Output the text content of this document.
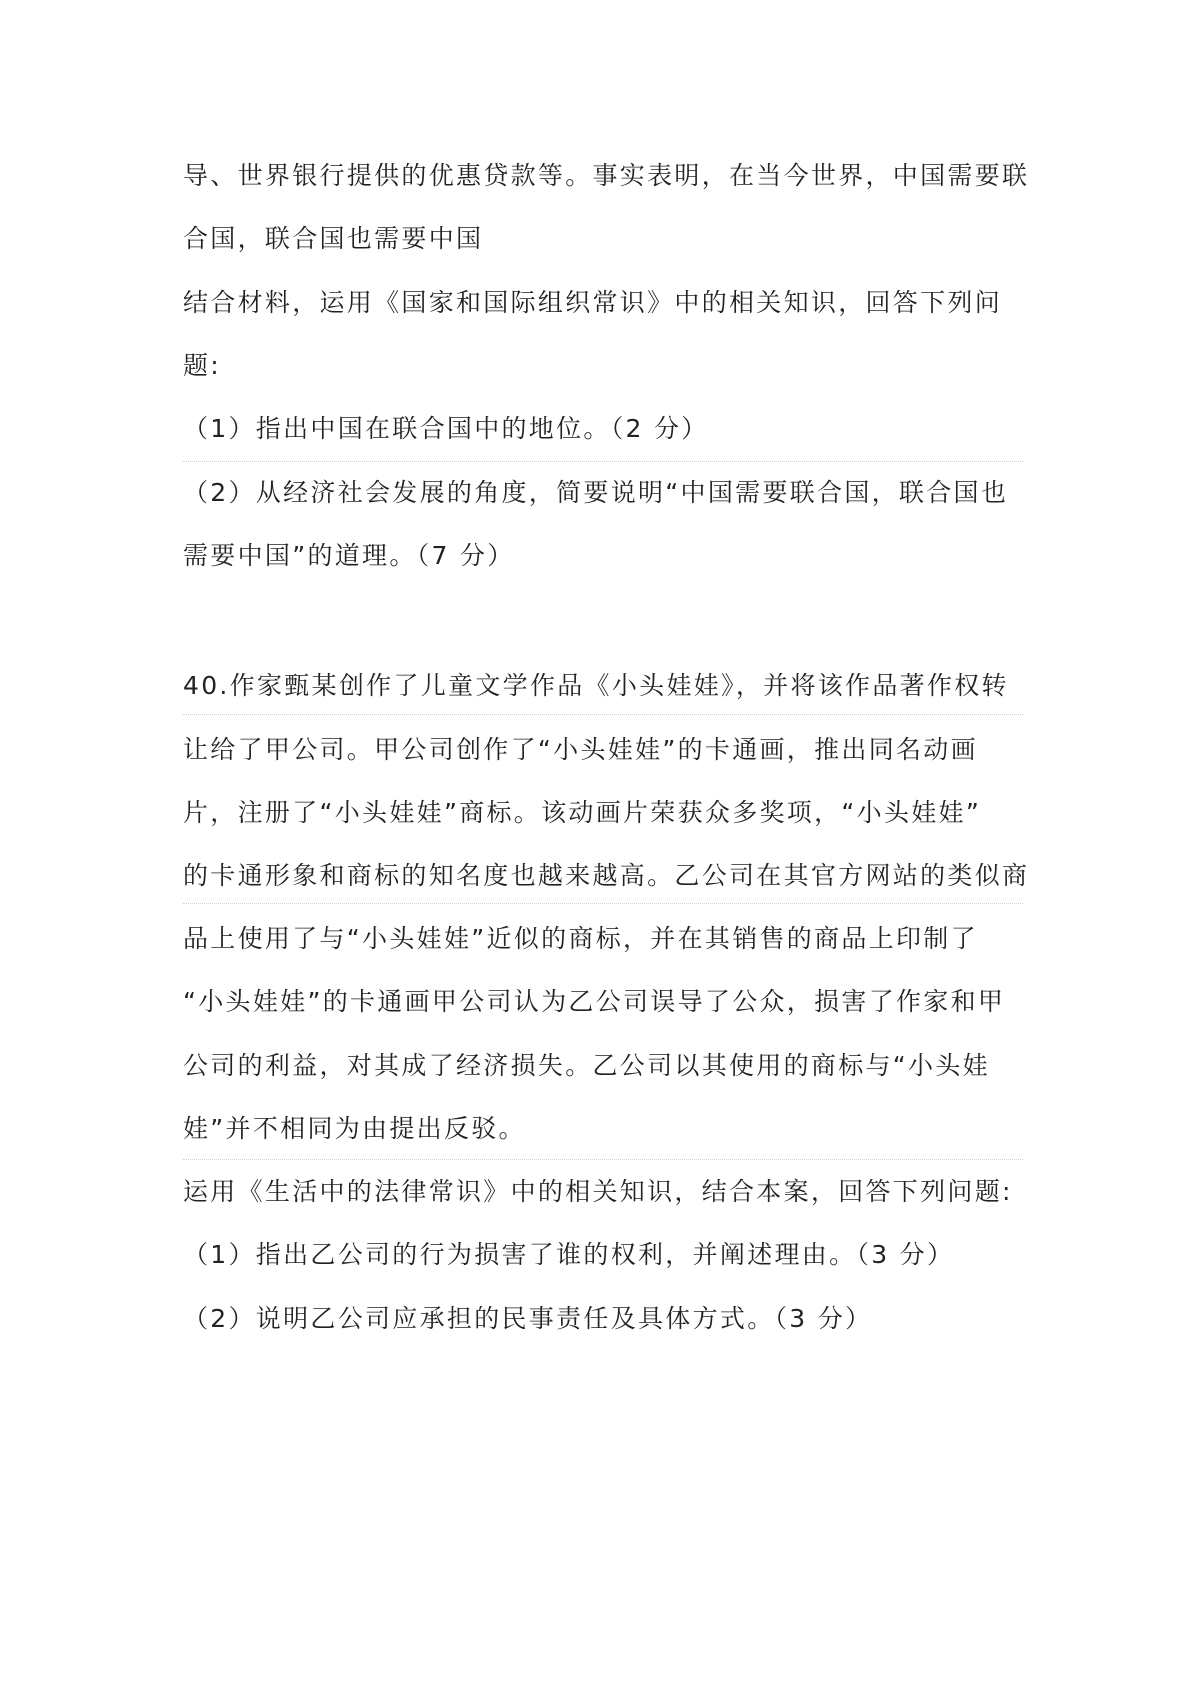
导、世界银行提供的优惠贷款等。事实表明，在当今世界，中国需要联
合国，联合国也需要中国
结合材料，运用《国家和国际组织常识》中的相关知识，回答下列问
题:
（1）指出中国在联合国中的地位。（2 分）
（2）从经济社会发展的角度，简要说明“中国需要联合国，联合国也
需要中国”的道理。（7 分）
40.作家甄某创作了儿童文学作品《小头娃娃》，并将该作品著作权转
让给了甲公司。甲公司创作了“小头娃娃”的卡通画，推出同名动画
片，注册了“小头娃娃”商标。该动画片荣获众多奖项，“小头娃娃”
的卡通形象和商标的知名度也越来越高。乙公司在其官方网站的类似商
品上使用了与“小头娃娃”近似的商标，并在其销售的商品上印制了
“小头娃娃”的卡通画甲公司认为乙公司误导了公众，损害了作家和甲
公司的利益，对其成了经济损失。乙公司以其使用的商标与“小头娃
娃”并不相同为由提出反驳。
运用《生活中的法律常识》中的相关知识，结合本案，回答下列问题:
（1）指出乙公司的行为损害了谁的权利，并阐述理由。（3 分）
（2）说明乙公司应承担的民事责任及具体方式。（3 分）
